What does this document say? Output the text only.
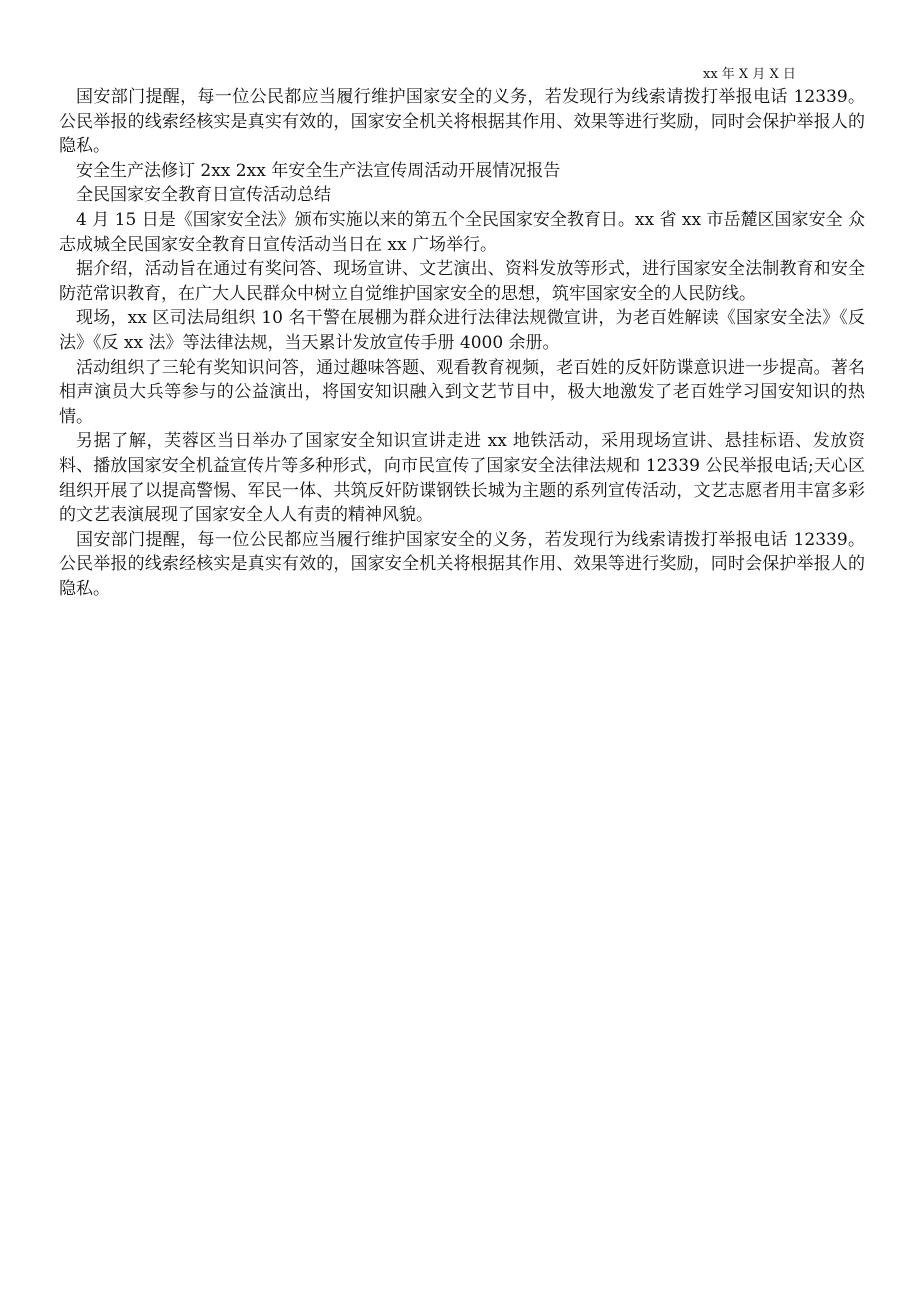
xx 年 X 月 X 日

国安部门提醒，每一位公民都应当履行维护国家安全的义务，若发现行为线索请拨打举报电话 12339。公民举报的线索经核实是真实有效的，国家安全机关将根据其作用、效果等进行奖励，同时会保护举报人的隐私。

安全生产法修订 2xx 2xx 年安全生产法宣传周活动开展情况报告

全民国家安全教育日宣传活动总结

4 月 15 日是《国家安全法》颁布实施以来的第五个全民国家安全教育日。xx 省 xx 市岳麓区国家安全 众志成城全民国家安全教育日宣传活动当日在 xx 广场举行。

据介绍，活动旨在通过有奖问答、现场宣讲、文艺演出、资料发放等形式，进行国家安全法制教育和安全防范常识教育，在广大人民群众中树立自觉维护国家安全的思想，筑牢国家安全的人民防线。

现场，xx 区司法局组织 10 名干警在展棚为群众进行法律法规微宣讲，为老百姓解读《国家安全法》《反法》《反 xx 法》等法律法规，当天累计发放宣传手册 4000 余册。

活动组织了三轮有奖知识问答，通过趣味答题、观看教育视频，老百姓的反奸防谍意识进一步提高。著名相声演员大兵等参与的公益演出，将国安知识融入到文艺节目中，极大地激发了老百姓学习国安知识的热情。

另据了解，芙蓉区当日举办了国家安全知识宣讲走进 xx 地铁活动，采用现场宣讲、悬挂标语、发放资料、播放国家安全机益宣传片等多种形式，向市民宣传了国家安全法律法规和 12339 公民举报电话;天心区组织开展了以提高警惕、军民一体、共筑反奸防谍钢铁长城为主题的系列宣传活动，文艺志愿者用丰富多彩的文艺表演展现了国家安全人人有责的精神风貌。

国安部门提醒，每一位公民都应当履行维护国家安全的义务，若发现行为线索请拨打举报电话 12339。公民举报的线索经核实是真实有效的，国家安全机关将根据其作用、效果等进行奖励，同时会保护举报人的隐私。
